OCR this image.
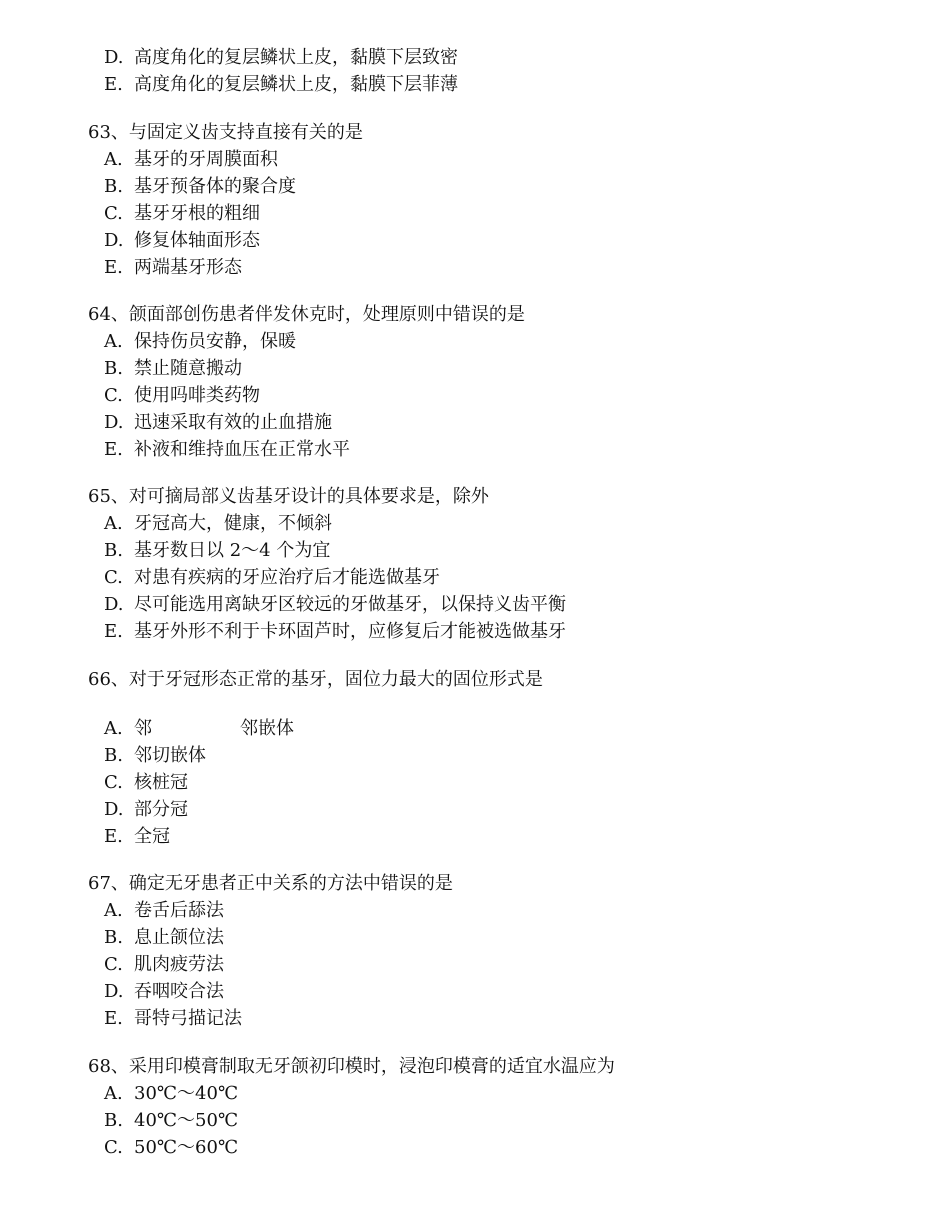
D. 高度角化的复层鳞状上皮，黏膜下层致密
E. 高度角化的复层鳞状上皮，黏膜下层菲薄
63、与固定义齿支持直接有关的是
A. 基牙的牙周膜面积
B. 基牙预备体的聚合度
C. 基牙牙根的粗细
D. 修复体轴面形态
E. 两端基牙形态
64、颌面部创伤患者伴发休克时，处理原则中错误的是
A. 保持伤员安静，保暖
B. 禁止随意搬动
C. 使用吗啡类药物
D. 迅速采取有效的止血措施
E. 补液和维持血压在正常水平
65、对可摘局部义齿基牙设计的具体要求是，除外
A. 牙冠高大，健康，不倾斜
B. 基牙数日以 2～4 个为宜
C. 对患有疾病的牙应治疗后才能选做基牙
D. 尽可能选用离缺牙区较远的牙做基牙，以保持义齿平衡
E. 基牙外形不利于卡环固芦时，应修复后才能被选做基牙
66、对于牙冠形态正常的基牙，固位力最大的固位形式是
A. 邻	邻嵌体
B. 邻切嵌体
C. 核桩冠
D. 部分冠
E. 全冠
67、确定无牙患者正中关系的方法中错误的是
A. 卷舌后舔法
B. 息止颌位法
C. 肌肉疲劳法
D. 吞咽咬合法
E. 哥特弓描记法
68、采用印模膏制取无牙颌初印模时，浸泡印模膏的适宜水温应为
A. 30℃～40℃
B. 40℃～50℃
C. 50℃～60℃
